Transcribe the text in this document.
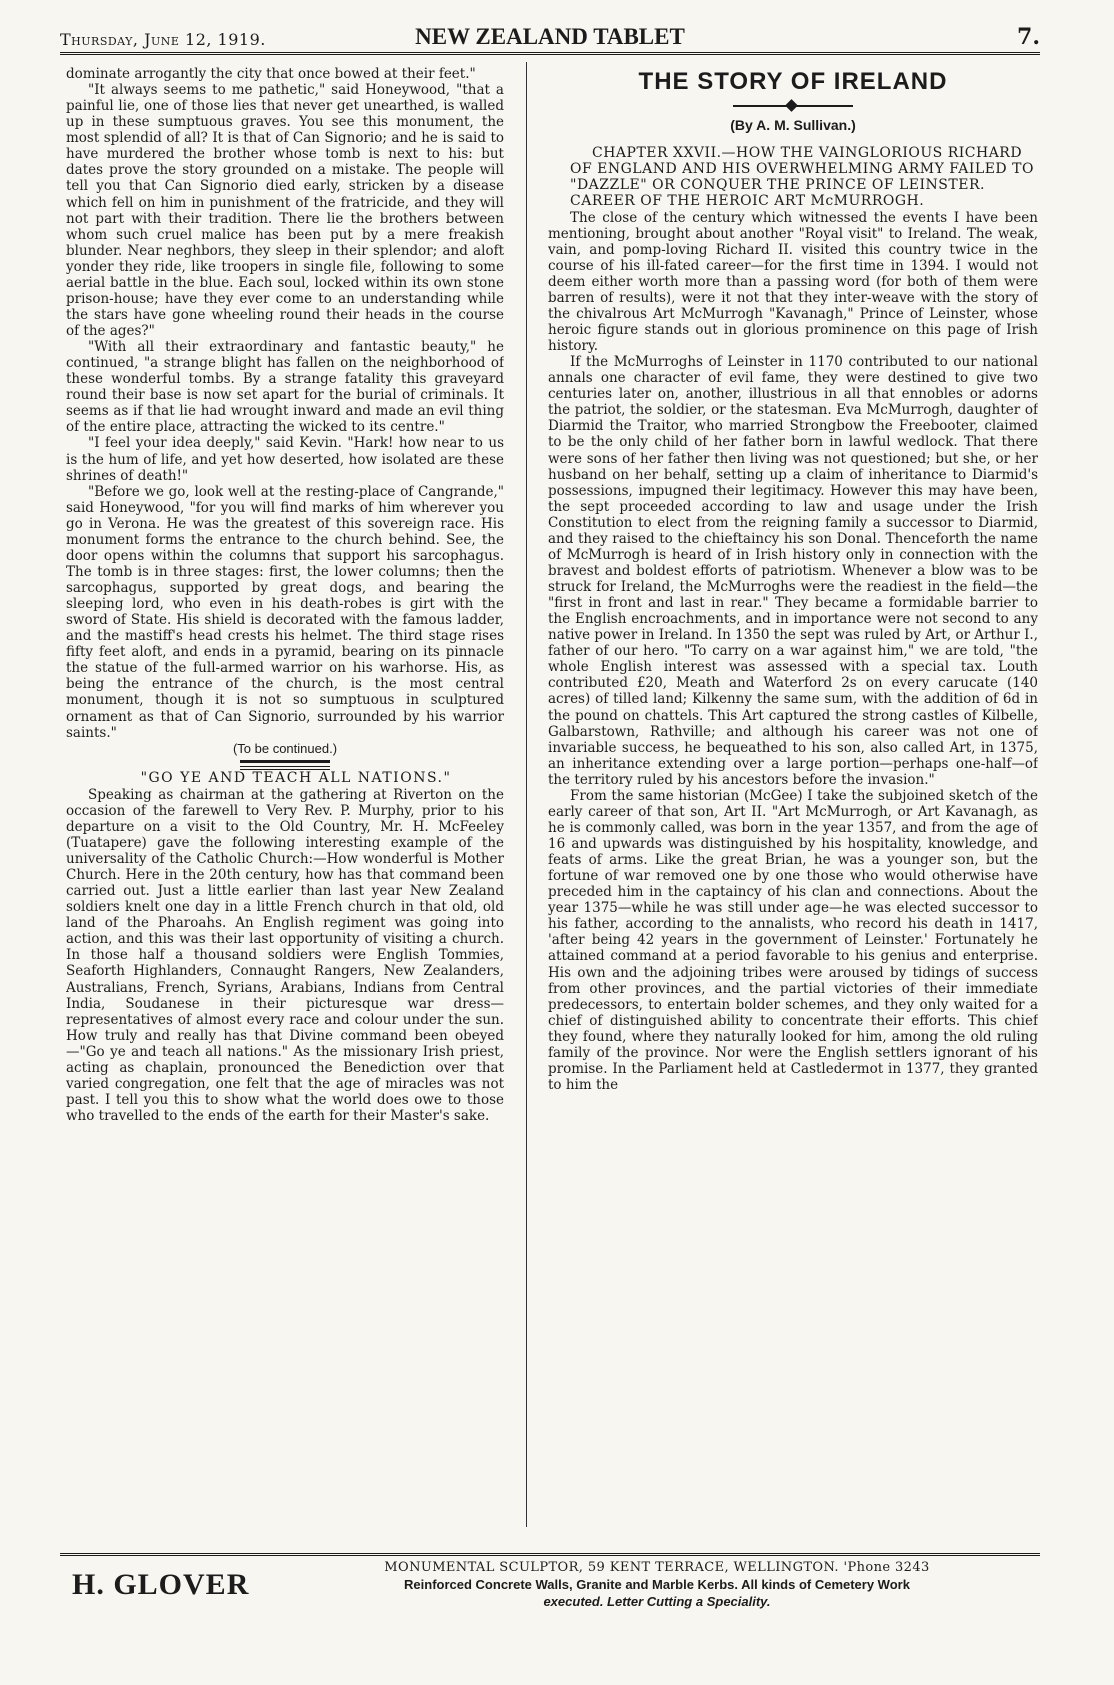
Thursday, June 12, 1919.	NEW ZEALAND TABLET	7.

dominate arrogantly the city that once bowed at their feet."

"It always seems to me pathetic," said Honeywood, "that a painful lie, one of those lies that never get unearthed, is walled up in these sumptuous graves. You see this monument, the most splendid of all? It is that of Can Signorio; and he is said to have murdered the brother whose tomb is next to his: but dates prove the story grounded on a mistake. The people will tell you that Can Signorio died early, stricken by a disease which fell on him in punishment of the fratricide, and they will not part with their tradition. There lie the brothers between whom such cruel malice has been put by a mere freakish blunder. Near neghbors, they sleep in their splendor; and aloft yonder they ride, like troopers in single file, following to some aerial battle in the blue. Each soul, locked within its own stone prison-house; have they ever come to an understanding while the stars have gone wheeling round their heads in the course of the ages?"

"With all their extraordinary and fantastic beauty," he continued, "a strange blight has fallen on the neighborhood of these wonderful tombs. By a strange fatality this graveyard round their base is now set apart for the burial of criminals. It seems as if that lie had wrought inward and made an evil thing of the entire place, attracting the wicked to its centre."

"I feel your idea deeply," said Kevin. "Hark! how near to us is the hum of life, and yet how deserted, how isolated are these shrines of death!"

"Before we go, look well at the resting-place of Cangrande," said Honeywood, "for you will find marks of him wherever you go in Verona. He was the greatest of this sovereign race. His monument forms the entrance to the church behind. See, the door opens within the columns that support his sarcophagus. The tomb is in three stages: first, the lower columns; then the sarcophagus, supported by great dogs, and bearing the sleeping lord, who even in his death-robes is girt with the sword of State. His shield is decorated with the famous ladder, and the mastiff's head crests his helmet. The third stage rises fifty feet aloft, and ends in a pyramid, bearing on its pinnacle the statue of the full-armed warrior on his warhorse. His, as being the entrance of the church, is the most central monument, though it is not so sumptuous in sculptured ornament as that of Can Signorio, surrounded by his warrior saints."

(To be continued.)

"GO YE AND TEACH ALL NATIONS."

Speaking as chairman at the gathering at Riverton on the occasion of the farewell to Very Rev. P. Murphy, prior to his departure on a visit to the Old Country, Mr. H. McFeeley (Tuatapere) gave the following interesting example of the universality of the Catholic Church:—How wonderful is Mother Church. Here in the 20th century, how has that command been carried out. Just a little earlier than last year New Zealand soldiers knelt one day in a little French church in that old, old land of the Pharoahs. An English regiment was going into action, and this was their last opportunity of visiting a church. In those half a thousand soldiers were English Tommies, Seaforth Highlanders, Connaught Rangers, New Zealanders, Australians, French, Syrians, Arabians, Indians from Central India, Soudanese in their picturesque war dress—representatives of almost every race and colour under the sun. How truly and really has that Divine command been obeyed—"Go ye and teach all nations." As the missionary Irish priest, acting as chaplain, pronounced the Benediction over that varied congregation, one felt that the age of miracles was not past. I tell you this to show what the world does owe to those who travelled to the ends of the earth for their Master's sake.

THE STORY OF IRELAND
(By A. M. Sullivan.)

CHAPTER XXVII.—HOW THE VAINGLORIOUS RICHARD OF ENGLAND AND HIS OVERWHELMING ARMY FAILED TO "DAZZLE" OR CONQUER THE PRINCE OF LEINSTER. CAREER OF THE HEROIC ART McMURROGH.

The close of the century which witnessed the events I have been mentioning, brought about another "Royal visit" to Ireland. The weak, vain, and pomp-loving Richard II. visited this country twice in the course of his ill-fated career—for the first time in 1394. I would not deem either worth more than a passing word (for both of them were barren of results), were it not that they inter-weave with the story of the chivalrous Art McMurrogh "Kavanagh," Prince of Leinster, whose heroic figure stands out in glorious prominence on this page of Irish history.

If the McMurroghs of Leinster in 1170 contributed to our national annals one character of evil fame, they were destined to give two centuries later on, another, illustrious in all that ennobles or adorns the patriot, the soldier, or the statesman. Eva McMurrogh, daughter of Diarmid the Traitor, who married Strongbow the Freebooter, claimed to be the only child of her father born in lawful wedlock. That there were sons of her father then living was not questioned; but she, or her husband on her behalf, setting up a claim of inheritance to Diarmid's possessions, impugned their legitimacy. However this may have been, the sept proceeded according to law and usage under the Irish Constitution to elect from the reigning family a successor to Diarmid, and they raised to the chieftaincy his son Donal. Thenceforth the name of McMurrogh is heard of in Irish history only in connection with the bravest and boldest efforts of patriotism. Whenever a blow was to be struck for Ireland, the McMurroghs were the readiest in the field—the "first in front and last in rear." They became a formidable barrier to the English encroachments, and in importance were not second to any native power in Ireland. In 1350 the sept was ruled by Art, or Arthur I., father of our hero. "To carry on a war against him," we are told, "the whole English interest was assessed with a special tax. Louth contributed £20, Meath and Waterford 2s on every carucate (140 acres) of tilled land; Kilkenny the same sum, with the addition of 6d in the pound on chattels. This Art captured the strong castles of Kilbelle, Galbarstown, Rathville; and although his career was not one of invariable success, he bequeathed to his son, also called Art, in 1375, an inheritance extending over a large portion—perhaps one-half—of the territory ruled by his ancestors before the invasion."

From the same historian (McGee) I take the subjoined sketch of the early career of that son, Art II. "Art McMurrogh, or Art Kavanagh, as he is commonly called, was born in the year 1357, and from the age of 16 and upwards was distinguished by his hospitality, knowledge, and feats of arms. Like the great Brian, he was a younger son, but the fortune of war removed one by one those who would otherwise have preceded him in the captaincy of his clan and connections. About the year 1375—while he was still under age—he was elected successor to his father, according to the annalists, who record his death in 1417, 'after being 42 years in the government of Leinster.' Fortunately he attained command at a period favorable to his genius and enterprise. His own and the adjoining tribes were aroused by tidings of success from other provinces, and the partial victories of their immediate predecessors, to entertain bolder schemes, and they only waited for a chief of distinguished ability to concentrate their efforts. This chief they found, where they naturally looked for him, among the old ruling family of the province. Nor were the English settlers ignorant of his promise. In the Parliament held at Castledermot in 1377, they granted to him the

H. GLOVER
MONUMENTAL SCULPTOR, 59 KENT TERRACE, WELLINGTON. 'Phone 3243
Reinforced Concrete Walls, Granite and Marble Kerbs. All kinds of Cemetery Work
executed. Letter Cutting a Speciality.
